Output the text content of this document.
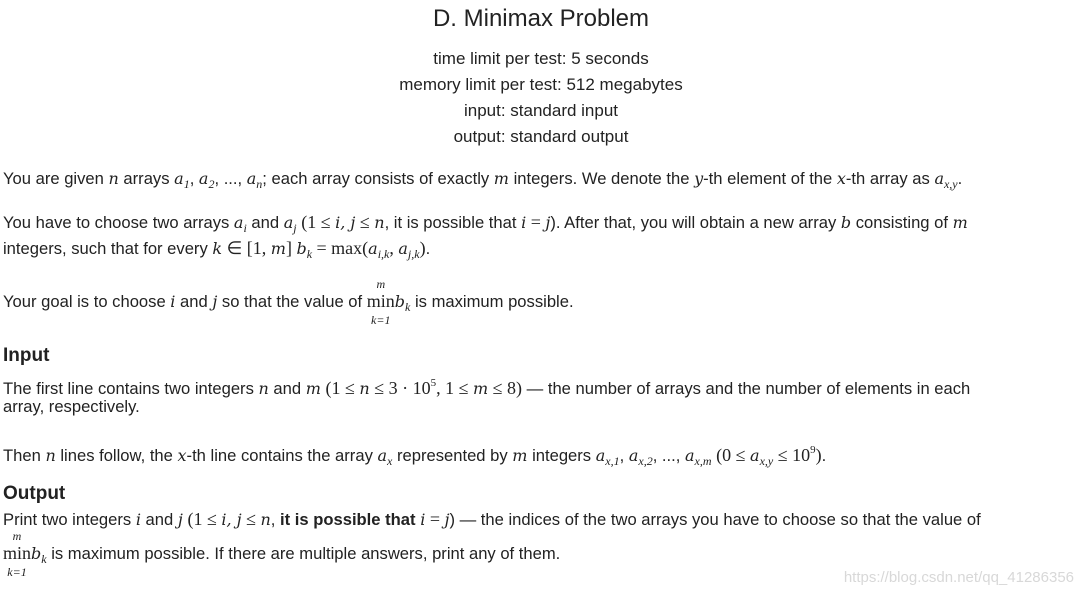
D. Minimax Problem
time limit per test: 5 seconds
memory limit per test: 512 megabytes
input: standard input
output: standard output
You are given n arrays $a_1$, $a_2$, ..., $a_n$; each array consists of exactly m integers. We denote the y-th element of the x-th array as $a_{x,y}$.
You have to choose two arrays $a_i$ and $a_j$ (1 ≤ i, j ≤ n, it is possible that i = j). After that, you will obtain a new array b consisting of m
integers, such that for every k ∈ [1, m] $b_k = \max(a_{i,k}$, $a_{j,k}$).
Your goal is to choose i and j so that the value of
m
min
k=1
$b_k$ is maximum possible.
Input
The first line contains two integers n and m ($1 \le n \le 3 \cdot 10^5$, 1 ≤ m ≤ 8) — the number of arrays and the number of elements in each
array, respectively.
Then n lines follow, the x-th line contains the array $a_x$ represented by m integers $a_{x,1}$, $a_{x,2}$, ..., $a_{x,m}$ $(0 \le a_{x,y} \le 10^9)$.
Output
Print two integers i and j (1 ≤ i, j ≤ n, it is possible that i = j) — the indices of the two arrays you have to choose so that the value of
m
min
k=1
$b_k$ is maximum possible. If there are multiple answers, print any of them.
https://blog.csdn.net/qq_41286356
